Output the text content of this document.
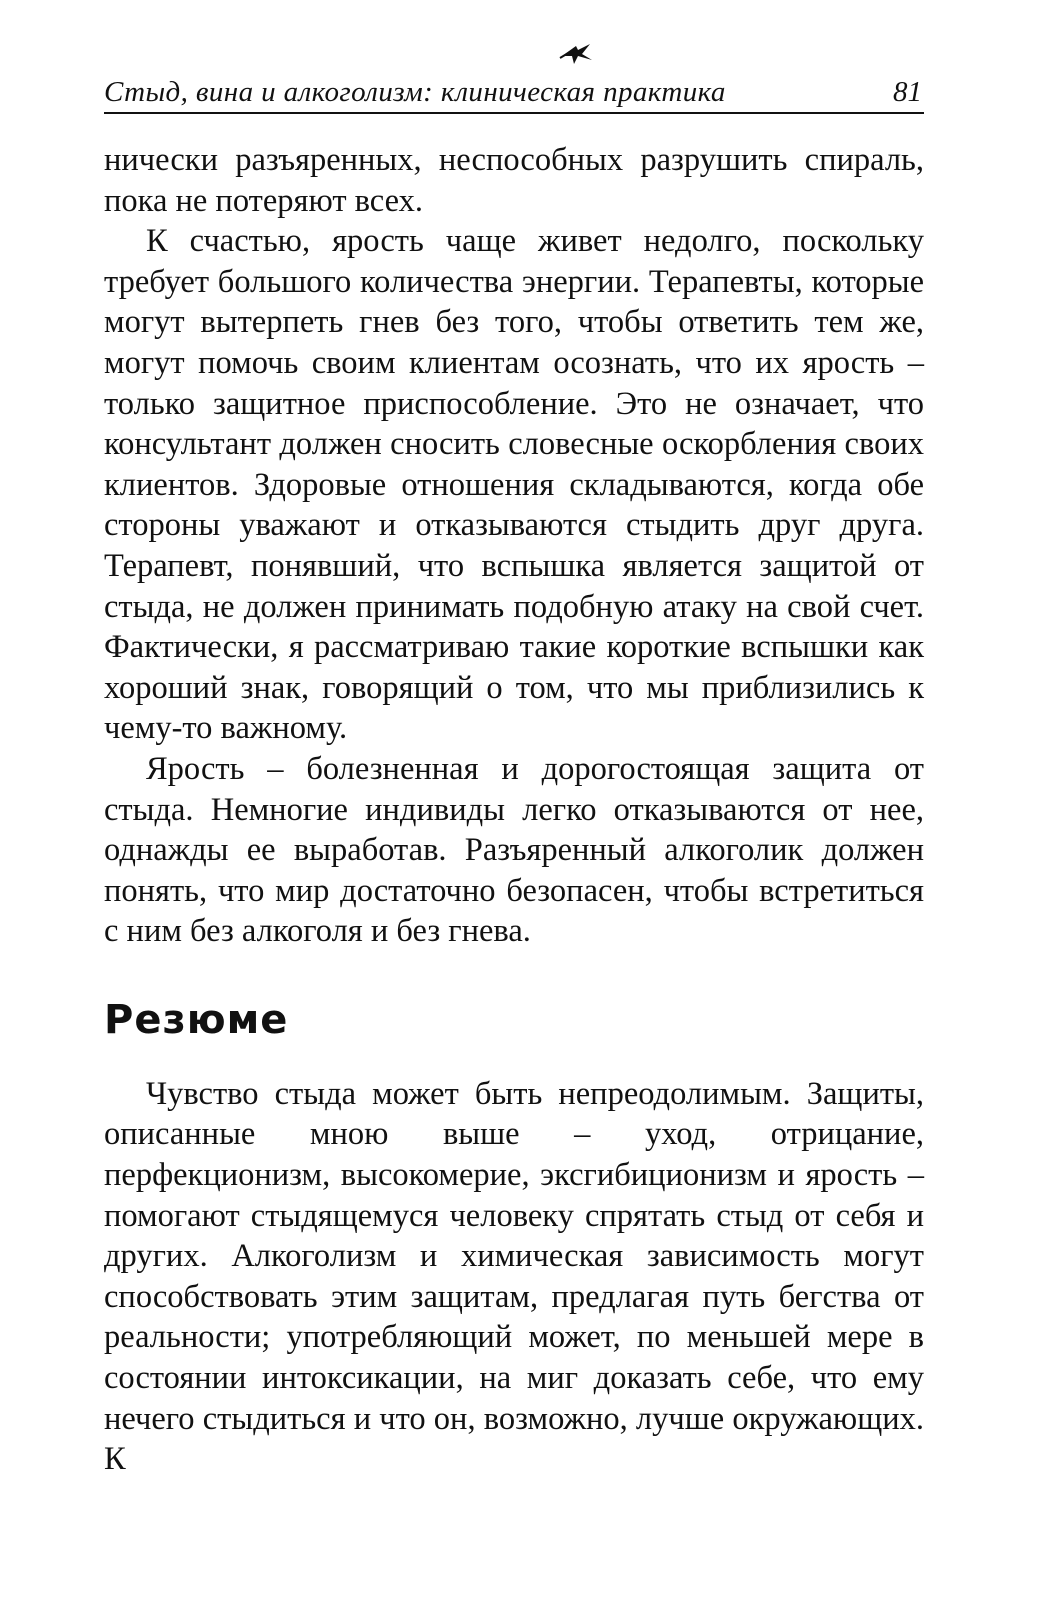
Стыд, вина и алкоголизм: клиническая практика	81

нически разъяренных, неспособных разрушить спираль, пока не потеряют всех.

К счастью, ярость чаще живет недолго, поскольку требует большого количества энергии. Терапевты, которые могут вытерпеть гнев без того, чтобы ответить тем же, могут помочь своим клиентам осознать, что их ярость – только защитное приспособление. Это не означает, что консультант должен сносить словесные оскорбления своих клиентов. Здоровые отношения складываются, когда обе стороны уважают и отказываются стыдить друг друга. Терапевт, понявший, что вспышка является защитой от стыда, не должен принимать подобную атаку на свой счет. Фактически, я рассматриваю такие короткие вспышки как хороший знак, говорящий о том, что мы приблизились к чему-то важному.

Ярость – болезненная и дорогостоящая защита от стыда. Немногие индивиды легко отказываются от нее, однажды ее выработав. Разъяренный алкоголик должен понять, что мир достаточно безопасен, чтобы встретиться с ним без алкоголя и без гнева.

Резюме

Чувство стыда может быть непреодолимым. Защиты, описанные мною выше – уход, отрицание, перфекционизм, высокомерие, эксгибиционизм и ярость – помогают стыдящемуся человеку спрятать стыд от себя и других. Алкоголизм и химическая зависимость могут способствовать этим защитам, предлагая путь бегства от реальности; употребляющий может, по меньшей мере в состоянии интоксикации, на миг доказать себе, что ему нечего стыдиться и что он, возможно, лучше окружающих. К
